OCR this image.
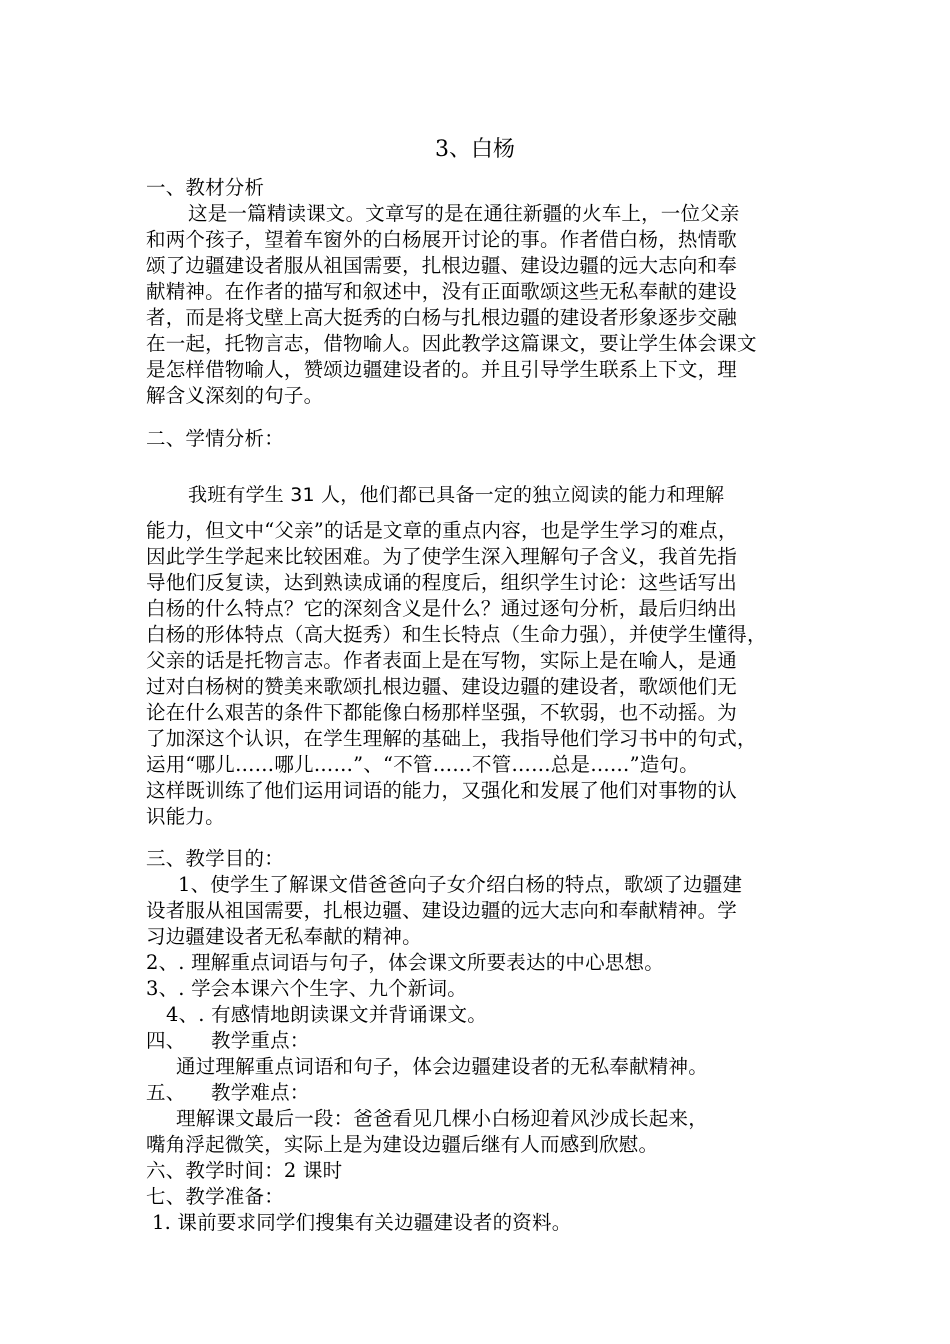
3、白杨
一、教材分析
这是一篇精读课文。文章写的是在通往新疆的火车上，一位父亲
和两个孩子，望着车窗外的白杨展开讨论的事。作者借白杨，热情歌
颂了边疆建设者服从祖国需要，扎根边疆、建设边疆的远大志向和奉
献精神。在作者的描写和叙述中，没有正面歌颂这些无私奉献的建设
者，而是将戈壁上高大挺秀的白杨与扎根边疆的建设者形象逐步交融
在一起，托物言志，借物喻人。因此教学这篇课文，要让学生体会课文
是怎样借物喻人，赞颂边疆建设者的。并且引导学生联系上下文，理
解含义深刻的句子。
二、学情分析：
我班有学生 31 人，他们都已具备一定的独立阅读的能力和理解
能力，但文中“父亲”的话是文章的重点内容，也是学生学习的难点，
因此学生学起来比较困难。为了使学生深入理解句子含义，我首先指
导他们反复读，达到熟读成诵的程度后，组织学生讨论：这些话写出
白杨的什么特点？它的深刻含义是什么？通过逐句分析，最后归纳出
白杨的形体特点（高大挺秀）和生长特点（生命力强），并使学生懂得，
父亲的话是托物言志。作者表面上是在写物，实际上是在喻人，是通
过对白杨树的赞美来歌颂扎根边疆、建设边疆的建设者，歌颂他们无
论在什么艰苦的条件下都能像白杨那样坚强，不软弱，也不动摇。为
了加深这个认识，在学生理解的基础上，我指导他们学习书中的句式，
运用“哪儿……哪儿……”、“不管……不管……总是……”造句。
这样既训练了他们运用词语的能力，又强化和发展了他们对事物的认
识能力。
三、教学目的：
1、使学生了解课文借爸爸向子女介绍白杨的特点，歌颂了边疆建
设者服从祖国需要，扎根边疆、建设边疆的远大志向和奉献精神。学
习边疆建设者无私奉献的精神。
2、. 理解重点词语与句子，体会课文所要表达的中心思想。
3、. 学会本课六个生字、九个新词。
4、. 有感情地朗读课文并背诵课文。
四、    教学重点：
通过理解重点词语和句子，体会边疆建设者的无私奉献精神。
五、    教学难点：
理解课文最后一段：爸爸看见几棵小白杨迎着风沙成长起来，
嘴角浮起微笑，实际上是为建设边疆后继有人而感到欣慰。
六、教学时间：2 课时
七、教学准备：
1. 课前要求同学们搜集有关边疆建设者的资料。
